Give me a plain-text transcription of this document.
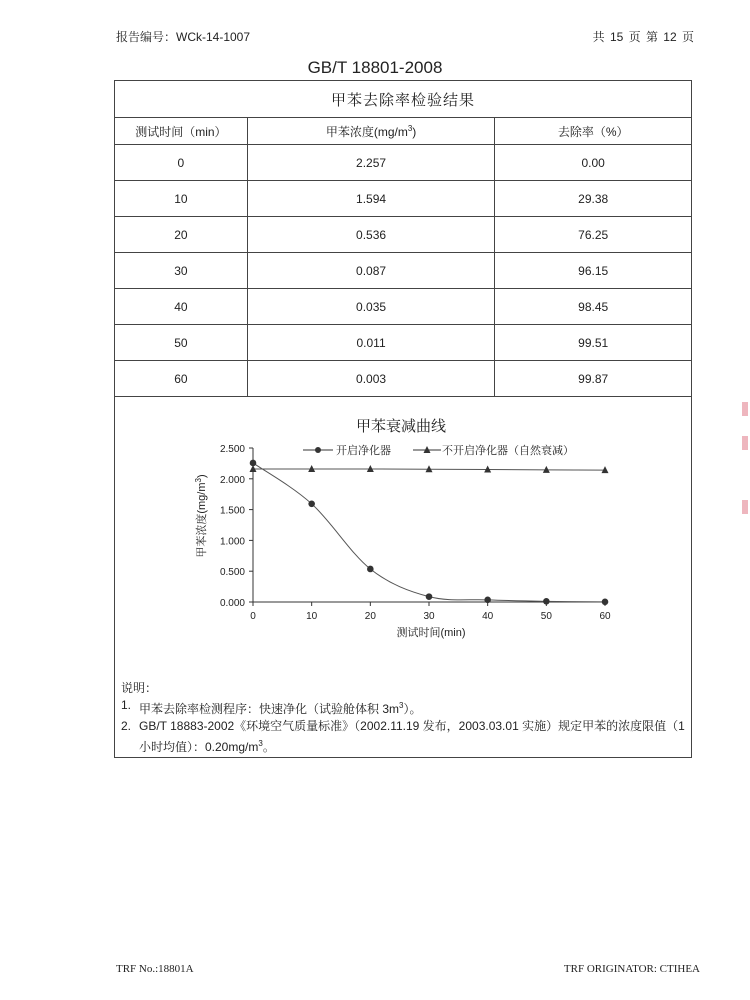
报告编号：WCk-14-1007	共 15 页 第 12 页
GB/T 18801-2008
甲苯去除率检验结果		
测试时间（min）	甲苯浓度$(mg/m^3)$	去除率（%）
0	2.257	0.00
10	1.594	29.38
20	0.536	76.25
30	0.087	96.15
40	0.035	98.45
50	0.011	99.51
60	0.003	99.87
甲苯衰减曲线
开启净化器	不开启净化器（自然衰减）
甲苯浓度$(mg/m^3)$
测试时间(min)
0.000
0.500
1.000
1.500
2.000
2.500
0	10	20	30	40	50	60
说明：
1. 甲苯去除率检测程序：快速净化（试验舱体积 $3m^3$）。
2. GB/T 18883-2002《环境空气质量标准》（2002.11.19 发布，2003.03.01 实施）规定甲苯的浓度限值（1 小时均值）：$0.20mg/m^3$。
TRF No.:18801A	TRF ORIGINATOR: CTIHEA
